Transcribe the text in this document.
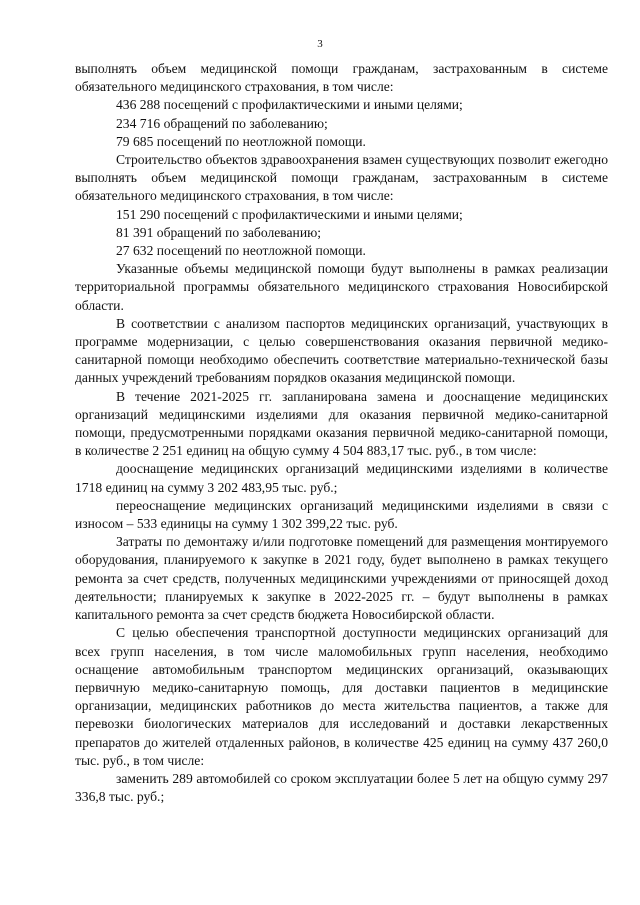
3

выполнять объем медицинской помощи гражданам, застрахованным в системе обязательного медицинского страхования, в том числе:

436 288 посещений с профилактическими и иными целями;

234 716 обращений по заболеванию;

79 685 посещений по неотложной помощи.

Строительство объектов здравоохранения взамен существующих позволит ежегодно выполнять объем медицинской помощи гражданам, застрахованным в системе обязательного медицинского страхования, в том числе:

151 290 посещений с профилактическими и иными целями;

81 391 обращений по заболеванию;

27 632 посещений по неотложной помощи.

Указанные объемы медицинской помощи будут выполнены в рамках реализации территориальной программы обязательного медицинского страхования Новосибирской области.

В соответствии с анализом паспортов медицинских организаций, участвующих в программе модернизации, с целью совершенствования оказания первичной медико-санитарной помощи необходимо обеспечить соответствие материально-технической базы данных учреждений требованиям порядков оказания медицинской помощи.

В течение 2021-2025 гг. запланирована замена и дооснащение медицинских организаций медицинскими изделиями для оказания первичной медико-санитарной помощи, предусмотренными порядками оказания первичной медико-санитарной помощи, в количестве 2 251 единиц на общую сумму 4 504 883,17 тыс. руб., в том числе:

дооснащение медицинских организаций медицинскими изделиями в количестве 1718 единиц на сумму 3 202 483,95 тыс. руб.;

переоснащение медицинских организаций медицинскими изделиями в связи с износом – 533 единицы на сумму 1 302 399,22 тыс. руб.

Затраты по демонтажу и/или подготовке помещений для размещения монтируемого оборудования, планируемого к закупке в 2021 году, будет выполнено в рамках текущего ремонта за счет средств, полученных медицинскими учреждениями от приносящей доход деятельности; планируемых к закупке в 2022-2025 гг. – будут выполнены в рамках капитального ремонта за счет средств бюджета Новосибирской области.

С целью обеспечения транспортной доступности медицинских организаций для всех групп населения, в том числе маломобильных групп населения, необходимо оснащение автомобильным транспортом медицинских организаций, оказывающих первичную медико-санитарную помощь, для доставки пациентов в медицинские организации, медицинских работников до места жительства пациентов, а также для перевозки биологических материалов для исследований и доставки лекарственных препаратов до жителей отдаленных районов, в количестве 425 единиц на сумму 437 260,0 тыс. руб., в том числе:

заменить 289 автомобилей со сроком эксплуатации более 5 лет на общую сумму 297 336,8 тыс. руб.;
